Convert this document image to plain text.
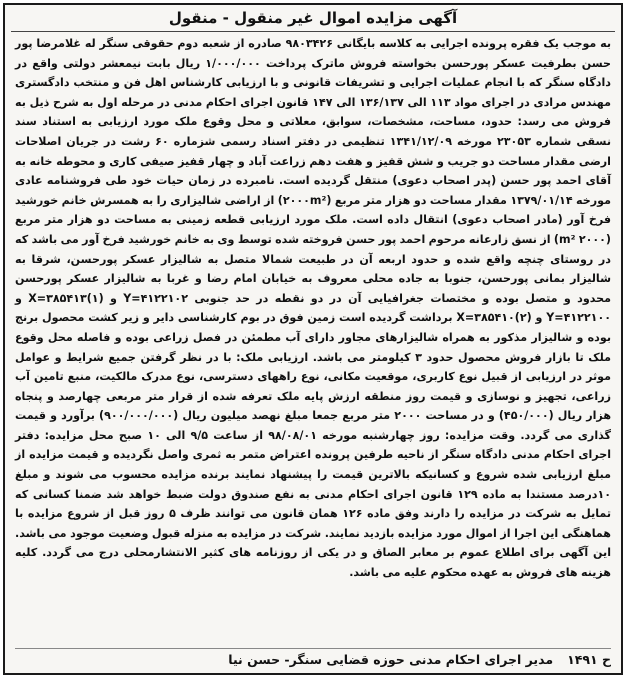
آگهی مزایده اموال غیر منقول - منقول
به موجب یک فقره پرونده اجرایی به کلاسه بایگانی ۹۸۰۳۴۲۶ صادره از شعبه دوم حقوقی سنگر له غلامرضا پور حسن بطرفیت عسکر پورحسن بخواسته فروش ماترک پرداخت ۱/۰۰۰/۰۰۰ ریال بابت نیمعشر دولتی واقع در دادگاه سنگر که با انجام عملیات اجرایی و تشریفات قانونی و با ارزیابی کارشناس اهل فن و منتخب دادگستری مهندس مرادی در اجرای مواد ۱۱۳ الی ۱۳۶/۱۳۷ الی ۱۴۷ قانون اجرای احکام مدنی در مرحله اول به شرح ذیل به فروش می رسد: حدود، مساحت، مشخصات، سوابق، معلاتی و محل وقوع ملک مورد ارزیابی به استناد سند نسقی شماره ۲۳۰۵۳ مورخه ۱۳۴۱/۱۲/۰۹ تنظیمی در دفتر اسناد رسمی شزماره ۶۰ رشت در جریان اصلاحات ارضی مقدار مساحت دو جریب و شش قفیز و هفت دهم زراعت آباد و چهار قفیز صیفی کاری و محوطه خانه به آقای احمد پور حسن (پدر اصحاب دعوی) منتقل گردیده است. نامبرده در زمان حیات خود طی فروشنامه عادی مورخه ۱۳۷۹/۰۱/۱۴ مقدار مساحت دو هزار متر مربع (۲۰۰۰m²) از اراضی شالیزاری را به همسرش خانم خورشید فرخ آور (مادر اصحاب دعوی) انتقال داده است. ملک مورد ارزیابی قطعه زمینی به مساحت دو هزار متر مربع (۲۰۰۰ m²) از نسق زارعانه مرحوم احمد پور حسن فروخته شده توسط وی به خانم خورشید فرخ آور می باشد که در روستای چنچه واقع شده و حدود اربعه آن در طبیعت شمالا متصل به شالیزار عسکر پورحسن، شرقا به شالیزار بمانی پورحسن، جنوبا به جاده محلی معروف به خیابان امام رضا و غربا به شالیزار عسکر پورحسن محدود و متصل بوده و مختصات جغرافیایی آن در دو نقطه در حد جنوبی Y=۴۱۲۲۱۰۲ و X=۳۸۵۴۱۳(۱) و Y=۴۱۲۲۱۰۰ و X=۳۸۵۴۱۰(۲) برداشت گردیده است زمین فوق در بوم کارشناسی دایر و زیر کشت محصول برنج بوده و شالیزار مذکور به همراه شالیزارهای مجاور دارای آب مطمئن در فصل زراعی بوده و فاصله محل وقوع ملک تا بازار فروش محصول حدود ۳ کیلومتر می باشد. ارزیابی ملک: با در نظر گرفتن جمیع شرایط و عوامل موثر در ارزیابی از قبیل نوع کاربری، موقعیت مکانی، نوع راههای دسترسی، نوع مدرک مالکیت، منبع تامین آب زراعی، تجهیز و نوسازی و قیمت روز منطقه ارزش پایه ملک تعرفه شده از قرار متر مربعی چهارصد و پنجاه هزار ریال (۴۵۰/۰۰۰) و در مساحت ۲۰۰۰ متر مربع جمعا مبلغ نهصد میلیون ریال (۹۰۰/۰۰۰/۰۰۰) برآورد و قیمت گذاری می گردد. وقت مزایده: روز چهارشنبه مورخه ۹۸/۰۸/۰۱ از ساعت ۹/۵ الی ۱۰ صبح محل مزایده: دفتر اجرای احکام مدنی دادگاه سنگر از ناحیه طرفین پرونده اعتراض متمر به ثمری واصل نگردیده و قیمت مزایده از مبلغ ارزیابی شده شروع و کسانیکه بالاترین قیمت را پیشنهاد نمایند برنده مزایده محسوب می شوند و مبلغ ۱۰درصد مستندا به ماده ۱۲۹ قانون اجرای احکام مدنی به نفع صندوق دولت ضبط خواهد شد ضمنا کسانی که تمایل به شرکت در مزایده را دارند وفق ماده ۱۲۶ همان قانون می توانند ظرف ۵ روز قبل از شروع مزایده با هماهنگی این اجرا از اموال مورد مزایده بازدید نمایند. شرکت در مزایده به منزله قبول وضعیت موجود می باشد. این آگهی برای اطلاع عموم بر معابر الصاق و در یکی از روزنامه های کثیر الانتشارمحلی درج می گردد. کلیه هزینه های فروش به عهده محکوم علیه می باشد.
ح ۱۴۹۱
مدیر اجرای احکام مدنی حوزه قضایی سنگر- حسن نیا
